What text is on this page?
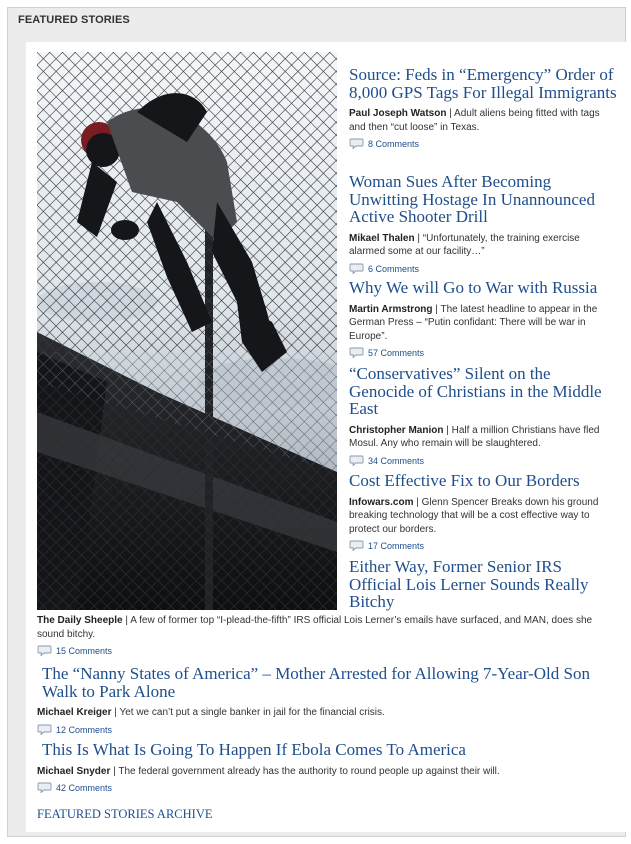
FEATURED STORIES
Source: Feds in “Emergency” Order of 8,000 GPS Tags For Illegal Immigrants
Paul Joseph Watson | Adult aliens being fitted with tags and then “cut loose” in Texas.
8 Comments
Woman Sues After Becoming Unwitting Hostage In Unannounced Active Shooter Drill
Mikael Thalen | “Unfortunately, the training exercise alarmed some at our facility…”
6 Comments
Why We will Go to War with Russia
Martin Armstrong | The latest headline to appear in the German Press – “Putin confidant: There will be war in Europe”.
57 Comments
“Conservatives” Silent on the Genocide of Christians in the Middle East
Christopher Manion | Half a million Christians have fled Mosul. Any who remain will be slaughtered.
34 Comments
Cost Effective Fix to Our Borders
Infowars.com | Glenn Spencer Breaks down his ground breaking technology that will be a cost effective way to protect our borders.
17 Comments
Either Way, Former Senior IRS Official Lois Lerner Sounds Really Bitchy
The Daily Sheeple | A few of former top “I-plead-the-fifth” IRS official Lois Lerner’s emails have surfaced, and MAN, does she sound bitchy.
15 Comments
The “Nanny States of America” – Mother Arrested for Allowing 7-Year-Old Son Walk to Park Alone
Michael Kreiger | Yet we can’t put a single banker in jail for the financial crisis.
12 Comments
This Is What Is Going To Happen If Ebola Comes To America
Michael Snyder | The federal government already has the authority to round people up against their will.
42 Comments
FEATURED STORIES ARCHIVE
